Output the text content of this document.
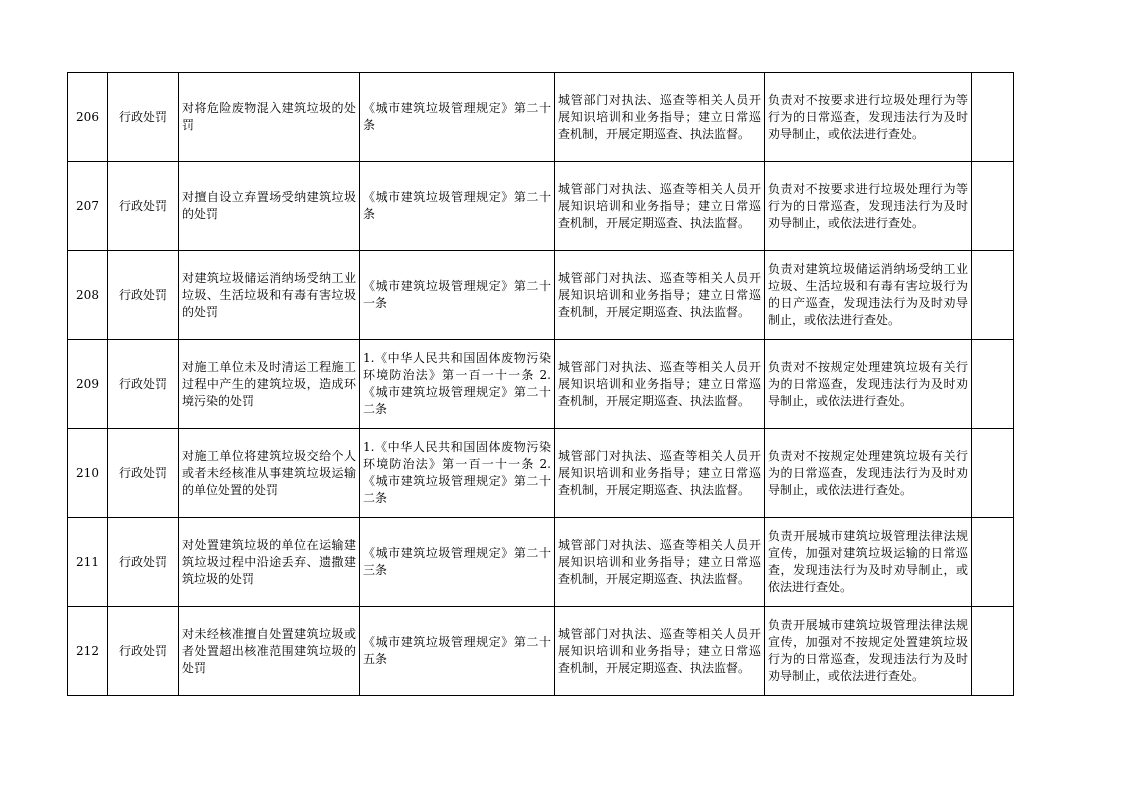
206	行政处罚	对将危险废物混入建筑垃圾的处罚	《城市建筑垃圾管理规定》第二十条	城管部门对执法、巡查等相关人员开展知识培训和业务指导；建立日常巡查机制，开展定期巡查、执法监督。	负责对不按要求进行垃圾处理行为等行为的日常巡查，发现违法行为及时劝导制止，或依法进行查处。	
207	行政处罚	对擅自设立弃置场受纳建筑垃圾的处罚	《城市建筑垃圾管理规定》第二十条	城管部门对执法、巡查等相关人员开展知识培训和业务指导；建立日常巡查机制，开展定期巡查、执法监督。	负责对不按要求进行垃圾处理行为等行为的日常巡查，发现违法行为及时劝导制止，或依法进行查处。	
208	行政处罚	对建筑垃圾储运消纳场受纳工业垃圾、生活垃圾和有毒有害垃圾的处罚	《城市建筑垃圾管理规定》第二十一条	城管部门对执法、巡查等相关人员开展知识培训和业务指导；建立日常巡查机制，开展定期巡查、执法监督。	负责对建筑垃圾储运消纳场受纳工业垃圾、生活垃圾和有毒有害垃圾行为的日产巡查，发现违法行为及时劝导制止，或依法进行查处。	
209	行政处罚	对施工单位未及时清运工程施工过程中产生的建筑垃圾，造成环境污染的处罚	1.《中华人民共和国固体废物污染环境防治法》第一百一十一条 2.《城市建筑垃圾管理规定》第二十二条	城管部门对执法、巡查等相关人员开展知识培训和业务指导；建立日常巡查机制，开展定期巡查、执法监督。	负责对不按规定处理建筑垃圾有关行为的日常巡查，发现违法行为及时劝导制止，或依法进行查处。	
210	行政处罚	对施工单位将建筑垃圾交给个人或者未经核准从事建筑垃圾运输的单位处置的处罚	1.《中华人民共和国固体废物污染环境防治法》第一百一十一条 2.《城市建筑垃圾管理规定》第二十二条	城管部门对执法、巡查等相关人员开展知识培训和业务指导；建立日常巡查机制，开展定期巡查、执法监督。	负责对不按规定处理建筑垃圾有关行为的日常巡查，发现违法行为及时劝导制止，或依法进行查处。	
211	行政处罚	对处置建筑垃圾的单位在运输建筑垃圾过程中沿途丢弃、遗撒建筑垃圾的处罚	《城市建筑垃圾管理规定》第二十三条	城管部门对执法、巡查等相关人员开展知识培训和业务指导；建立日常巡查机制，开展定期巡查、执法监督。	负责开展城市建筑垃圾管理法律法规宣传，加强对建筑垃圾运输的日常巡查，发现违法行为及时劝导制止，或依法进行查处。	
212	行政处罚	对未经核准擅自处置建筑垃圾或者处置超出核准范围建筑垃圾的处罚	《城市建筑垃圾管理规定》第二十五条	城管部门对执法、巡查等相关人员开展知识培训和业务指导；建立日常巡查机制，开展定期巡查、执法监督。	负责开展城市建筑垃圾管理法律法规宣传，加强对不按规定处置建筑垃圾行为的日常巡查，发现违法行为及时劝导制止，或依法进行查处。	
